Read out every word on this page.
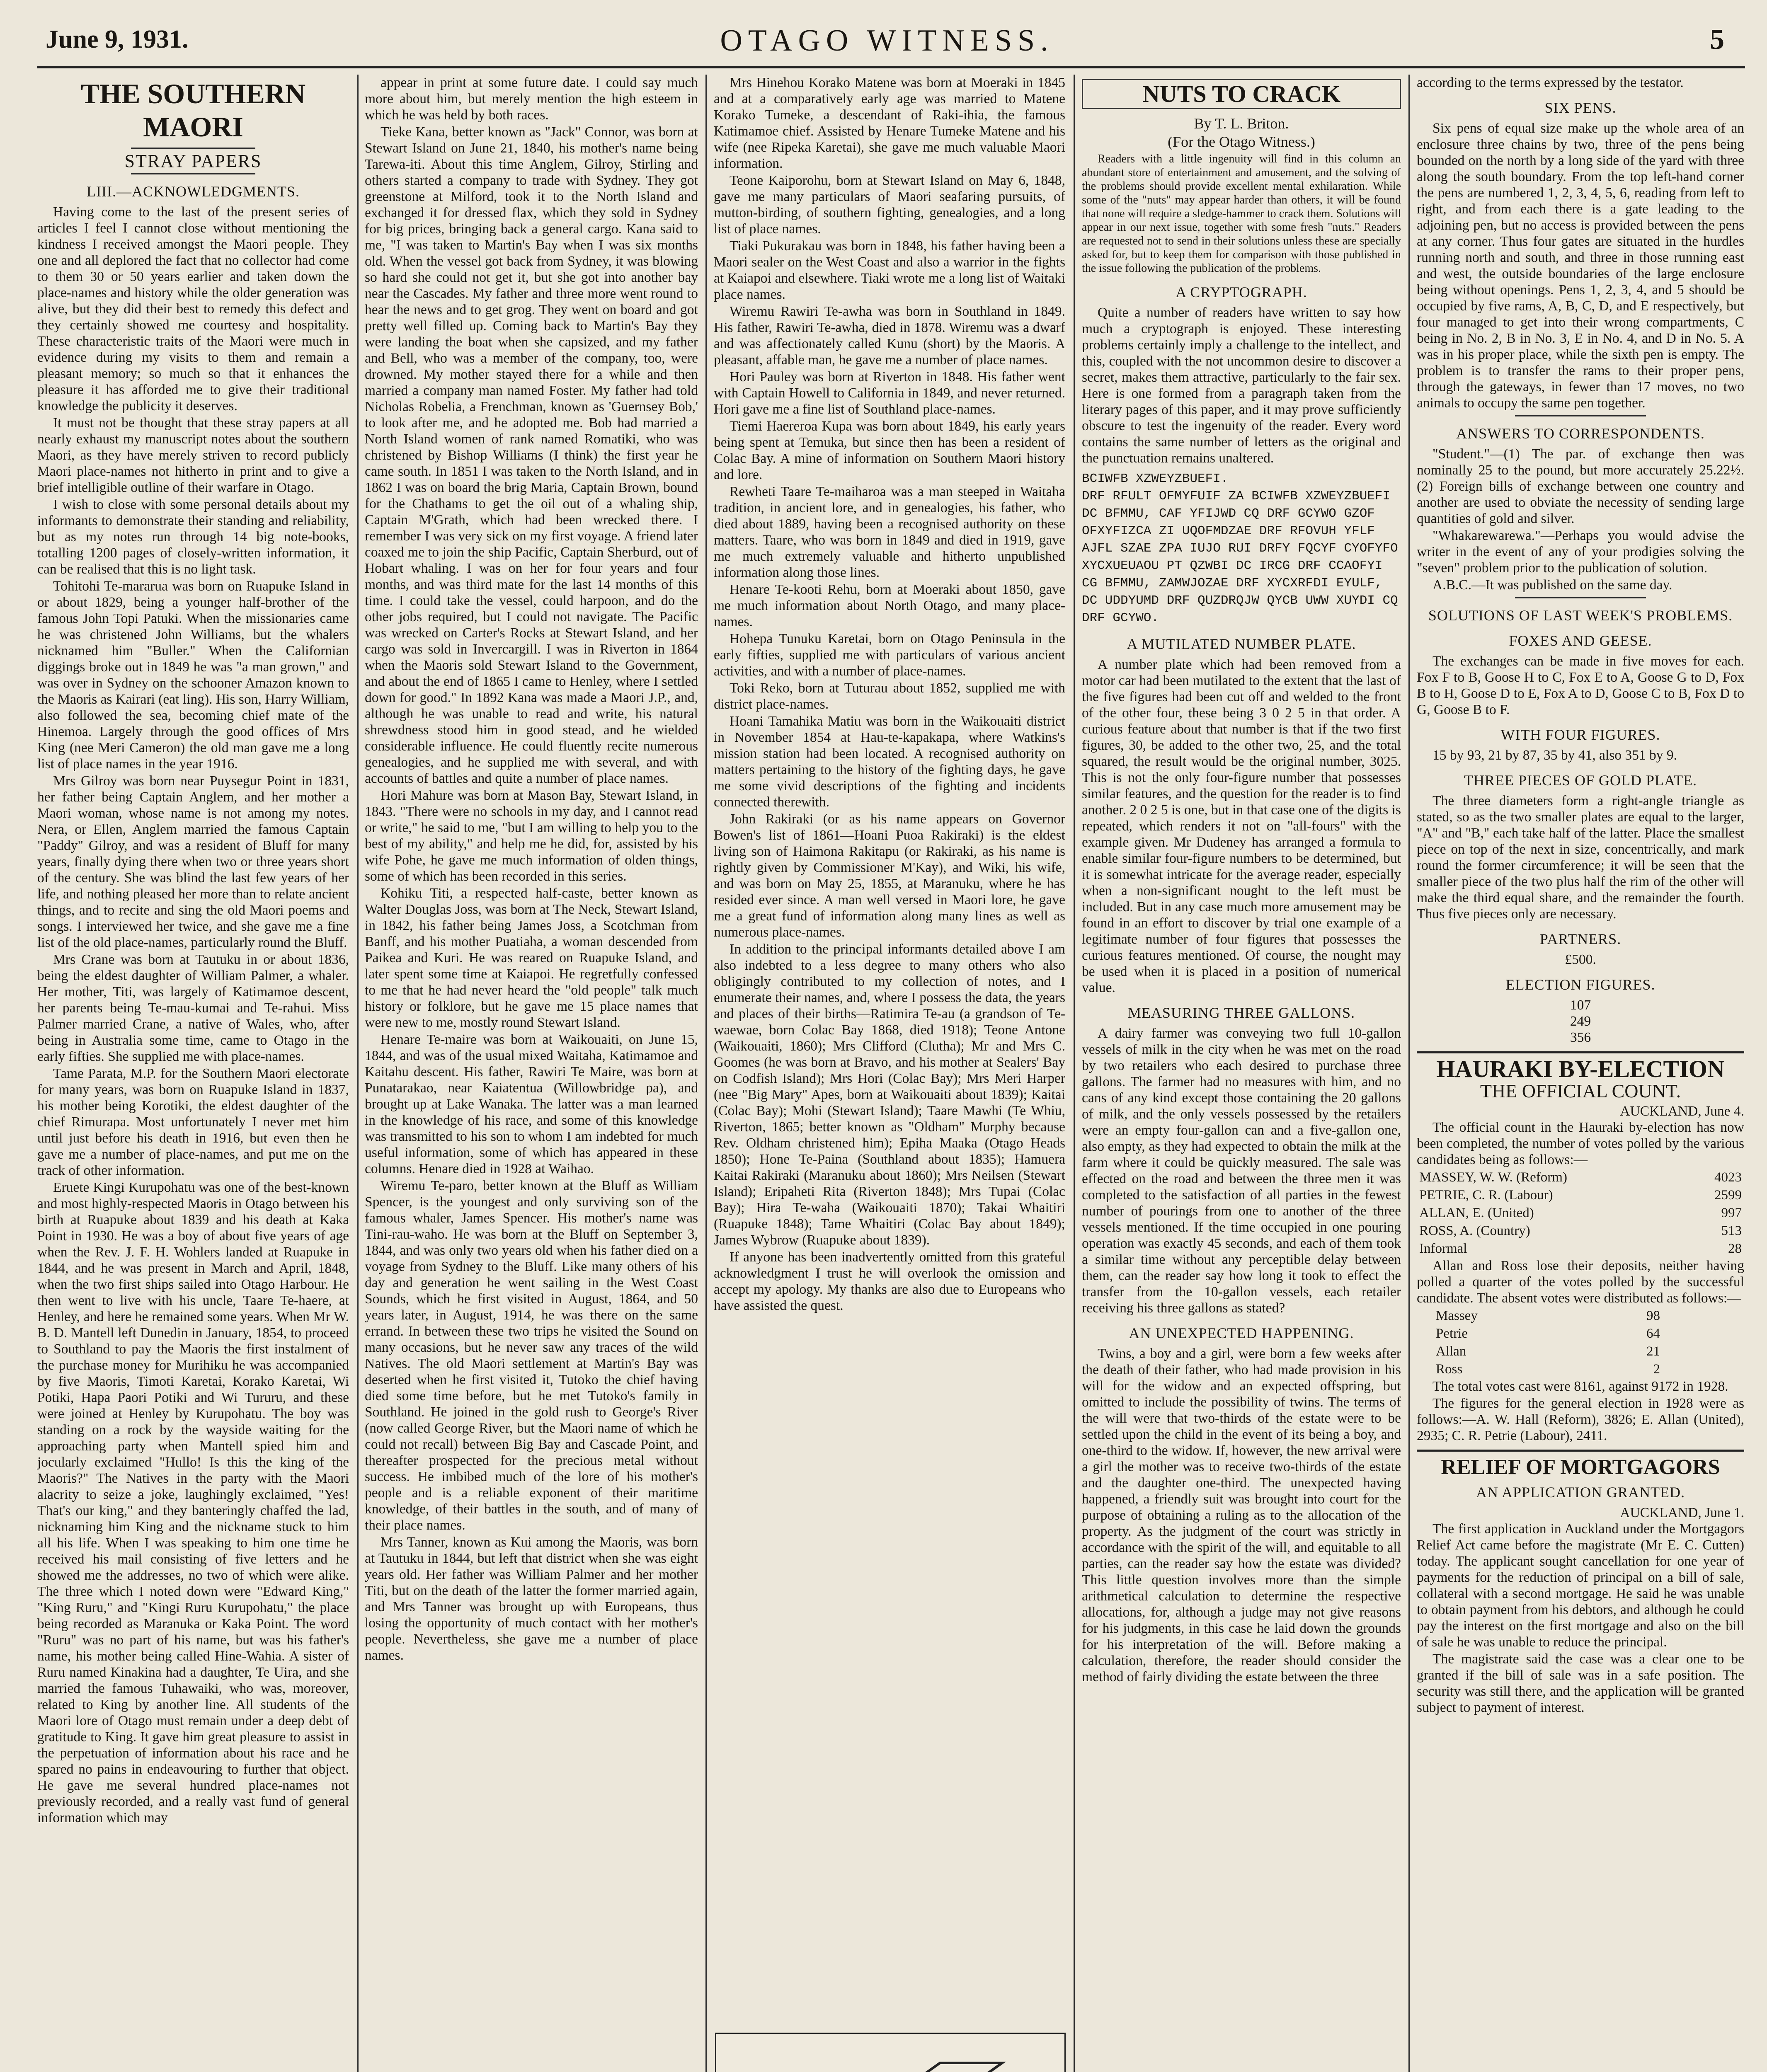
June 9, 1931.	OTAGO WITNESS.	5
THE SOUTHERN MAORI
STRAY PAPERS
LIII.—ACKNOWLEDGMENTS.

Having come to the last of the present series of articles I feel I cannot close without mentioning the kindness I received amongst the Maori people. They one and all deplored the fact that no collector had come to them 30 or 50 years earlier and taken down the place-names and history while the older generation was alive, but they did their best to remedy this defect and they certainly showed me courtesy and hospitality. These characteristic traits of the Maori were much in evidence during my visits to them and remain a pleasant memory; so much so that it enhances the pleasure it has afforded me to give their traditional knowledge the publicity it deserves.

It must not be thought that these stray papers at all nearly exhaust my manuscript notes about the southern Maori, as they have merely striven to record publicly Maori place-names not hitherto in print and to give a brief intelligible outline of their warfare in Otago.

I wish to close with some personal details about my informants to demonstrate their standing and reliability, but as my notes run through 14 big note-books, totalling 1200 pages of closely-written information, it can be realised that this is no light task.

Tohitohi Te-mararua was born on Ruapuke Island in or about 1829, being a younger half-brother of the famous John Topi Patuki. When the missionaries came he was christened John Williams, but the whalers nicknamed him "Buller." When the Californian diggings broke out in 1849 he was "a man grown," and was over in Sydney on the schooner Amazon known to the Maoris as Kairari (eat ling). His son, Harry William, also followed the sea, becoming chief mate of the Hinemoa. Largely through the good offices of Mrs King (nee Meri Cameron) the old man gave me a long list of place names in the year 1916.

Mrs Gilroy was born near Puysegur Point in 1831, her father being Captain Anglem, and her mother a Maori woman, whose name is not among my notes. Nera, or Ellen, Anglem married the famous Captain "Paddy" Gilroy, and was a resident of Bluff for many years, finally dying there when two or three years short of the century. She was blind the last few years of her life, and nothing pleased her more than to relate ancient things, and to recite and sing the old Maori poems and songs. I interviewed her twice, and she gave me a fine list of the old place-names, particularly round the Bluff.

Mrs Crane was born at Tautuku in or about 1836, being the eldest daughter of William Palmer, a whaler. Her mother, Titi, was largely of Katimamoe descent, her parents being Te-mau-kumai and Te-rahui. Miss Palmer married Crane, a native of Wales, who, after being in Australia some time, came to Otago in the early fifties. She supplied me with place-names.

Tame Parata, M.P. for the Southern Maori electorate for many years, was born on Ruapuke Island in 1837, his mother being Korotiki, the eldest daughter of the chief Rimurapa. Most unfortunately I never met him until just before his death in 1916, but even then he gave me a number of place-names, and put me on the track of other information.

Eruete Kingi Kurupohatu was one of the best-known and most highly-respected Maoris in Otago between his birth at Ruapuke about 1839 and his death at Kaka Point in 1930. He was a boy of about five years of age when the Rev. J. F. H. Wohlers landed at Ruapuke in 1844, and he was present in March and April, 1848, when the two first ships sailed into Otago Harbour. He then went to live with his uncle, Taare Te-haere, at Henley, and here he remained some years. When Mr W. B. D. Mantell left Dunedin in January, 1854, to proceed to Southland to pay the Maoris the first instalment of the purchase money for Murihiku he was accompanied by five Maoris, Timoti Karetai, Korako Karetai, Wi Potiki, Hapa Paori Potiki and Wi Tururu, and these were joined at Henley by Kurupohatu. The boy was standing on a rock by the wayside waiting for the approaching party when Mantell spied him and jocularly exclaimed "Hullo! Is this the king of the Maoris?" The Natives in the party with the Maori alacrity to seize a joke, laughingly exclaimed, "Yes! That's our king," and they banteringly chaffed the lad, nicknaming him King and the nickname stuck to him all his life. When I was speaking to him one time he received his mail consisting of five letters and he showed me the addresses, no two of which were alike. The three which I noted down were "Edward King," "King Ruru," and "Kingi Ruru Kurupohatu," the place being recorded as Maranuka or Kaka Point. The word "Ruru" was no part of his name, but was his father's name, his mother being called Hine-Wahia. A sister of Ruru named Kinakina had a daughter, Te Uira, and she married the famous Tuhawaiki, who was, moreover, related to King by another line. All students of the Maori lore of Otago must remain under a deep debt of gratitude to King. It gave him great pleasure to assist in the perpetuation of information about his race and he spared no pains in endeavouring to further that object. He gave me several hundred place-names not previously recorded, and a really vast fund of general information which may

appear in print at some future date. I could say much more about him, but merely mention the high esteem in which he was held by both races.

Tieke Kana, better known as "Jack" Connor, was born at Stewart Island on June 21, 1840, his mother's name being Tarewa-iti. About this time Anglem, Gilroy, Stirling and others started a company to trade with Sydney. They got greenstone at Milford, took it to the North Island and exchanged it for dressed flax, which they sold in Sydney for big prices, bringing back a general cargo. Kana said to me, "I was taken to Martin's Bay when I was six months old. When the vessel got back from Sydney, it was blowing so hard she could not get it, but she got into another bay near the Cascades. My father and three more went round to hear the news and to get grog. They went on board and got pretty well filled up. Coming back to Martin's Bay they were landing the boat when she capsized, and my father and Bell, who was a member of the company, too, were drowned. My mother stayed there for a while and then married a company man named Foster. My father had told Nicholas Robelia, a Frenchman, known as 'Guernsey Bob,' to look after me, and he adopted me. Bob had married a North Island women of rank named Romatiki, who was christened by Bishop Williams (I think) the first year he came south. In 1851 I was taken to the North Island, and in 1862 I was on board the brig Maria, Captain Brown, bound for the Chathams to get the oil out of a whaling ship, Captain M'Grath, which had been wrecked there. I remember I was very sick on my first voyage. A friend later coaxed me to join the ship Pacific, Captain Sherburd, out of Hobart whaling. I was on her for four years and four months, and was third mate for the last 14 months of this time. I could take the vessel, could harpoon, and do the other jobs required, but I could not navigate. The Pacific was wrecked on Carter's Rocks at Stewart Island, and her cargo was sold in Invercargill. I was in Riverton in 1864 when the Maoris sold Stewart Island to the Government, and about the end of 1865 I came to Henley, where I settled down for good." In 1892 Kana was made a Maori J.P., and, although he was unable to read and write, his natural shrewdness stood him in good stead, and he wielded considerable influence. He could fluently recite numerous genealogies, and he supplied me with several, and with accounts of battles and quite a number of place names.

Hori Mahure was born at Mason Bay, Stewart Island, in 1843. "There were no schools in my day, and I cannot read or write," he said to me, "but I am willing to help you to the best of my ability," and help me he did, for, assisted by his wife Pohe, he gave me much information of olden things, some of which has been recorded in this series.

Kohiku Titi, a respected half-caste, better known as Walter Douglas Joss, was born at The Neck, Stewart Island, in 1842, his father being James Joss, a Scotchman from Banff, and his mother Puatiaha, a woman descended from Paikea and Kuri. He was reared on Ruapuke Island, and later spent some time at Kaiapoi. He regretfully confessed to me that he had never heard the "old people" talk much history or folklore, but he gave me 15 place names that were new to me, mostly round Stewart Island.

Henare Te-maire was born at Waikouaiti, on June 15, 1844, and was of the usual mixed Waitaha, Katimamoe and Kaitahu descent. His father, Rawiri Te Maire, was born at Punatarakao, near Kaiatentua (Willowbridge pa), and brought up at Lake Wanaka. The latter was a man learned in the knowledge of his race, and some of this knowledge was transmitted to his son to whom I am indebted for much useful information, some of which has appeared in these columns. Henare died in 1928 at Waihao.

Wiremu Te-paro, better known at the Bluff as William Spencer, is the youngest and only surviving son of the famous whaler, James Spencer. His mother's name was Tini-rau-waho. He was born at the Bluff on September 3, 1844, and was only two years old when his father died on a voyage from Sydney to the Bluff. Like many others of his day and generation he went sailing in the West Coast Sounds, which he first visited in August, 1864, and 50 years later, in August, 1914, he was there on the same errand. In between these two trips he visited the Sound on many occasions, but he never saw any traces of the wild Natives. The old Maori settlement at Martin's Bay was deserted when he first visited it, Tutoko the chief having died some time before, but he met Tutoko's family in Southland. He joined in the gold rush to George's River (now called George River, but the Maori name of which he could not recall) between Big Bay and Cascade Point, and thereafter prospected for the precious metal without success. He imbibed much of the lore of his mother's people and is a reliable exponent of their maritime knowledge, of their battles in the south, and of many of their place names.

Mrs Tanner, known as Kui among the Maoris, was born at Tautuku in 1844, but left that district when she was eight years old. Her father was William Palmer and her mother Titi, but on the death of the latter the former married again, and Mrs Tanner was brought up with Europeans, thus losing the opportunity of much contact with her mother's people. Nevertheless, she gave me a number of place names.

Mrs Hinehou Korako Matene was born at Moeraki in 1845 and at a comparatively early age was married to Matene Korako Tumeke, a descendant of Raki-ihia, the famous Katimamoe chief. Assisted by Henare Tumeke Matene and his wife (nee Ripeka Karetai), she gave me much valuable Maori information.

Teone Kaiporohu, born at Stewart Island on May 6, 1848, gave me many particulars of Maori seafaring pursuits, of mutton-birding, of southern fighting, genealogies, and a long list of place names.

Tiaki Pukurakau was born in 1848, his father having been a Maori sealer on the West Coast and also a warrior in the fights at Kaiapoi and elsewhere. Tiaki wrote me a long list of Waitaki place names.

Wiremu Rawiri Te-awha was born in Southland in 1849. His father, Rawiri Te-awha, died in 1878. Wiremu was a dwarf and was affectionately called Kunu (short) by the Maoris. A pleasant, affable man, he gave me a number of place names.

Hori Pauley was born at Riverton in 1848. His father went with Captain Howell to California in 1849, and never returned. Hori gave me a fine list of Southland place-names.

Tiemi Haereroa Kupa was born about 1849, his early years being spent at Temuka, but since then has been a resident of Colac Bay. A mine of information on Southern Maori history and lore.

Rewheti Taare Te-maiharoa was a man steeped in Waitaha tradition, in ancient lore, and in genealogies, his father, who died about 1889, having been a recognised authority on these matters. Taare, who was born in 1849 and died in 1919, gave me much extremely valuable and hitherto unpublished information along those lines.

Henare Te-kooti Rehu, born at Moeraki about 1850, gave me much information about North Otago, and many place-names.

Hohepa Tunuku Karetai, born on Otago Peninsula in the early fifties, supplied me with particulars of various ancient activities, and with a number of place-names.

Toki Reko, born at Tuturau about 1852, supplied me with district place-names.

Hoani Tamahika Matiu was born in the Waikouaiti district in November 1854 at Hau-te-kapakapa, where Watkins's mission station had been located. A recognised authority on matters pertaining to the history of the fighting days, he gave me some vivid descriptions of the fighting and incidents connected therewith.

John Rakiraki (or as his name appears on Governor Bowen's list of 1861—Hoani Puoa Rakiraki) is the eldest living son of Haimona Rakitapu (or Rakiraki, as his name is rightly given by Commissioner M'Kay), and Wiki, his wife, and was born on May 25, 1855, at Maranuku, where he has resided ever since. A man well versed in Maori lore, he gave me a great fund of information along many lines as well as numerous place-names.

In addition to the principal informants detailed above I am also indebted to a less degree to many others who also obligingly contributed to my collection of notes, and I enumerate their names, and, where I possess the data, the years and places of their births—Ratimira Te-au (a grandson of Te-waewae, born Colac Bay 1868, died 1918); Teone Antone (Waikouaiti, 1860); Mrs Clifford (Clutha); Mr and Mrs C. Goomes (he was born at Bravo, and his mother at Sealers' Bay on Codfish Island); Mrs Hori (Colac Bay); Mrs Meri Harper (nee "Big Mary" Apes, born at Waikouaiti about 1839); Kaitai (Colac Bay); Mohi (Stewart Island); Taare Mawhi (Te Whiu, Riverton, 1865; better known as "Oldham" Murphy because Rev. Oldham christened him); Epiha Maaka (Otago Heads 1850); Hone Te-Paina (Southland about 1835); Hamuera Kaitai Rakiraki (Maranuku about 1860); Mrs Neilsen (Stewart Island); Eripaheti Rita (Riverton 1848); Mrs Tupai (Colac Bay); Hira Te-waha (Waikouaiti 1870); Takai Whaitiri (Ruapuke 1848); Tame Whaitiri (Colac Bay about 1849); James Wybrow (Ruapuke about 1839).

If anyone has been inadvertently omitted from this grateful acknowledgment I trust he will overlook the omission and accept my apology. My thanks are also due to Europeans who have assisted the quest.

NUTS TO CRACK
By T. L. Briton.
(For the Otago Witness.)

Readers with a little ingenuity will find in this column an abundant store of entertainment and amusement, and the solving of the problems should provide excellent mental exhilaration. While some of the "nuts" may appear harder than others, it will be found that none will require a sledge-hammer to crack them. Solutions will appear in our next issue, together with some fresh "nuts." Readers are requested not to send in their solutions unless these are specially asked for, but to keep them for comparison with those published in the issue following the publication of the problems.

A CRYPTOGRAPH.

Quite a number of readers have written to say how much a cryptograph is enjoyed. These interesting problems certainly imply a challenge to the intellect, and this, coupled with the not uncommon desire to discover a secret, makes them attractive, particularly to the fair sex. Here is one formed from a paragraph taken from the literary pages of this paper, and it may prove sufficiently obscure to test the ingenuity of the reader. Every word contains the same number of letters as the original and the punctuation remains unaltered.

BCIWFB XZWEYZBUEFI.
DRF RFULT OFMYFUIF ZA BCIWFB XZWEYZBUEFI DC BFMMU, CAF YFIJWD CQ DRF GCYWO GZOF OFXYFIZCA ZI UQOFMDZAE DRF RFOVUH YFLF AJFL SZAE ZPA IUJO RUI DRFY FQCYF CYOFYFO XYCXUEUAOU PT QZWBI DC IRCG DRF CCAOFYI CG BFMMU, ZAMWJOZAE DRF XYCXRFDI EYULF, DC UDDYUMD DRF QUZDRQJW QYCB UWW XUYDI CQ DRF GCYWO.
A MUTILATED NUMBER PLATE.

A number plate which had been removed from a motor car had been mutilated to the extent that the last of the five figures had been cut off and welded to the front of the other four, these being 3 0 2 5 in that order. A curious feature about that number is that if the two first figures, 30, be added to the other two, 25, and the total squared, the result would be the original number, 3025. This is not the only four-figure number that possesses similar features, and the question for the reader is to find another. 2 0 2 5 is one, but in that case one of the digits is repeated, which renders it not on "all-fours" with the example given. Mr Dudeney has arranged a formula to enable similar four-figure numbers to be determined, but it is somewhat intricate for the average reader, especially when a non-significant nought to the left must be included. But in any case much more amusement may be found in an effort to discover by trial one example of a legitimate number of four figures that possesses the curious features mentioned. Of course, the nought may be used when it is placed in a position of numerical value.

MEASURING THREE GALLONS.

A dairy farmer was conveying two full 10-gallon vessels of milk in the city when he was met on the road by two retailers who each desired to purchase three gallons. The farmer had no measures with him, and no cans of any kind except those containing the 20 gallons of milk, and the only vessels possessed by the retailers were an empty four-gallon can and a five-gallon one, also empty, as they had expected to obtain the milk at the farm where it could be quickly measured. The sale was effected on the road and between the three men it was completed to the satisfaction of all parties in the fewest number of pourings from one to another of the three vessels mentioned. If the time occupied in one pouring operation was exactly 45 seconds, and each of them took a similar time without any perceptible delay between them, can the reader say how long it took to effect the transfer from the 10-gallon vessels, each retailer receiving his three gallons as stated?

AN UNEXPECTED HAPPENING.

Twins, a boy and a girl, were born a few weeks after the death of their father, who had made provision in his will for the widow and an expected offspring, but omitted to include the possibility of twins. The terms of the will were that two-thirds of the estate were to be settled upon the child in the event of its being a boy, and one-third to the widow. If, however, the new arrival were a girl the mother was to receive two-thirds of the estate and the daughter one-third. The unexpected having happened, a friendly suit was brought into court for the purpose of obtaining a ruling as to the allocation of the property. As the judgment of the court was strictly in accordance with the spirit of the will, and equitable to all parties, can the reader say how the estate was divided? This little question involves more than the simple arithmetical calculation to determine the respective allocations, for, although a judge may not give reasons for his judgments, in this case he laid down the grounds for his interpretation of the will. Before making a calculation, therefore, the reader should consider the method of fairly dividing the estate between the three

according to the terms expressed by the testator.

SIX PENS.

Six pens of equal size make up the whole area of an enclosure three chains by two, three of the pens being bounded on the north by a long side of the yard with three along the south boundary. From the top left-hand corner the pens are numbered 1, 2, 3, 4, 5, 6, reading from left to right, and from each there is a gate leading to the adjoining pen, but no access is provided between the pens at any corner. Thus four gates are situated in the hurdles running north and south, and three in those running east and west, the outside boundaries of the large enclosure being without openings. Pens 1, 2, 3, 4, and 5 should be occupied by five rams, A, B, C, D, and E respectively, but four managed to get into their wrong compartments, C being in No. 2, B in No. 3, E in No. 4, and D in No. 5. A was in his proper place, while the sixth pen is empty. The problem is to transfer the rams to their proper pens, through the gateways, in fewer than 17 moves, no two animals to occupy the same pen together.

ANSWERS TO CORRESPONDENTS.

"Student."—(1) The par. of exchange then was nominally 25 to the pound, but more accurately 25.22½. (2) Foreign bills of exchange between one country and another are used to obviate the necessity of sending large quantities of gold and silver.

"Whakarewarewa."—Perhaps you would advise the writer in the event of any of your prodigies solving the "seven" problem prior to the publication of solution.

A.B.C.—It was published on the same day.

SOLUTIONS OF LAST WEEK'S PROBLEMS.
FOXES AND GEESE.

The exchanges can be made in five moves for each. Fox F to B, Goose H to C, Fox E to A, Goose G to D, Fox B to H, Goose D to E, Fox A to D, Goose C to B, Fox D to G, Goose B to F.

WITH FOUR FIGURES.

15 by 93, 21 by 87, 35 by 41, also 351 by 9.

THREE PIECES OF GOLD PLATE.

The three diameters form a right-angle triangle as stated, so as the two smaller plates are equal to the larger, "A" and "B," each take half of the latter. Place the smallest piece on top of the next in size, concentrically, and mark round the former circumference; it will be seen that the smaller piece of the two plus half the rim of the other will make the third equal share, and the remainder the fourth. Thus five pieces only are necessary.

PARTNERS.
£500.
ELECTION FIGURES.
107
249
356
HAURAKI BY-ELECTION
THE OFFICIAL COUNT.
AUCKLAND, June 4.

The official count in the Hauraki by-election has now been completed, the number of votes polled by the various candidates being as follows:—

MASSEY, W. W. (Reform)	4023
PETRIE, C. R. (Labour)	2599
ALLAN, E. (United)	997
ROSS, A. (Country)	513
Informal	28

Allan and Ross lose their deposits, neither having polled a quarter of the votes polled by the successful candidate. The absent votes were distributed as follows:—

Massey	98
Petrie	64
Allan	21
Ross	2

The total votes cast were 8161, against 9172 in 1928.

The figures for the general election in 1928 were as follows:—A. W. Hall (Reform), 3826; E. Allan (United), 2935; C. R. Petrie (Labour), 2411.

RELIEF OF MORTGAGORS
AN APPLICATION GRANTED.
AUCKLAND, June 1.

The first application in Auckland under the Mortgagors Relief Act came before the magistrate (Mr E. C. Cutten) today. The applicant sought cancellation for one year of payments for the reduction of principal on a bill of sale, collateral with a second mortgage. He said he was unable to obtain payment from his debtors, and although he could pay the interest on the first mortgage and also on the bill of sale he was unable to reduce the principal.

The magistrate said the case was a clear one to be granted if the bill of sale was in a safe position. The security was still there, and the application will be granted subject to payment of interest.
